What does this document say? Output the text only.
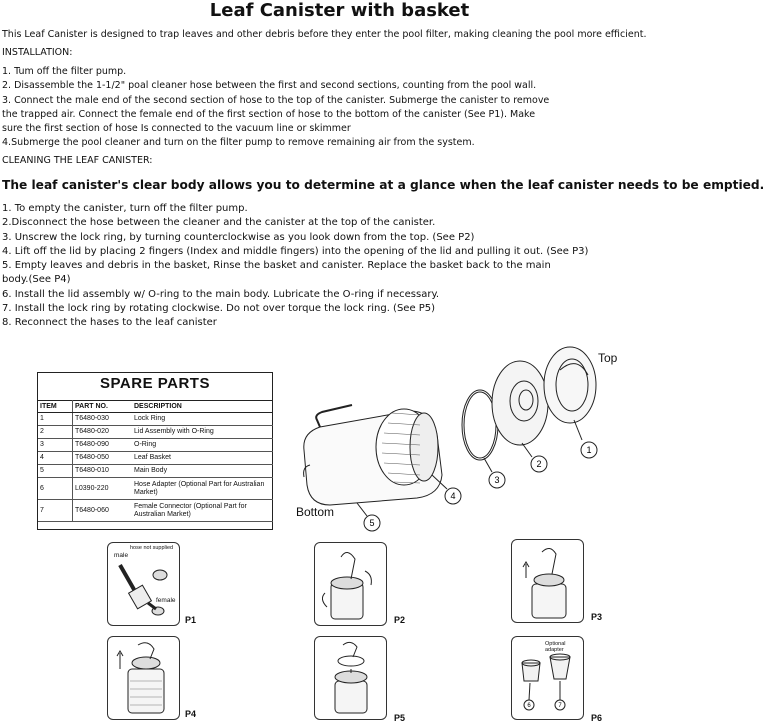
Leaf Canister with basket
This Leaf Canister is designed to trap leaves and other debris before they enter the pool filter, making cleaning the pool more efficient.
INSTALLATION:
1. Tum off the filter pump.
2. Disassemble the 1-1/2" poal cleaner hose between the first and second sections, counting from the pool wall.
3. Connect the male end of the second section of hose to the top of the canister. Submerge the canister to remove
the trapped air. Connect the female end of the first section of hose to the bottom of the canister (See P1). Make
sure the first section of hose Is connected to the vacuum line or skimmer
4.Submerge the pool cleaner and turn on the filter pump to remove remaining air from the system.
CLEANING THE LEAF CANISTER:
The leaf canister's clear body allows you to determine at a glance when the leaf canister needs to be emptied.
1. To empty the canister, turn off the filter pump.
2.Disconnect the hose between the cleaner and the canister at the top of the canister.
3. Unscrew the lock ring, by turning counterclockwise as you look down from the top. (See P2)
4. Lift off the lid by placing 2 fingers (Index and middle fingers) into the opening of the lid and pulling it out. (See P3)
5. Empty leaves and debris in the basket, Rinse the basket and canister. Replace the basket back to the main
body.(See P4)
6. Install the lid assembly w/ O-ring to the main body. Lubricate the O-ring if necessary.
7. Install the lock ring by rotating clockwise. Do not over torque the lock ring. (See P5)
8. Reconnect the hases to the leaf canister
SPARE PARTS
ITEM	PART NO.	DESCRIPTION
1	T6480-030	Lock Ring
2	T6480-020	Lid Assembly with O-Ring
3	T6480-090	O-Ring
4	T6480-050	Leaf Basket
5	T6480-010	Main Body
6	L0390-220	Hose Adapter (Optional Part for Australian Market)
7	T6480-060	Female Connector (Optional Part for Australian Market)
1
2
3
4
5
Top
Bottom
hose not supplied
male
female
P1	P2	P3
P4	P5
6	7
Optional adapter
P6
